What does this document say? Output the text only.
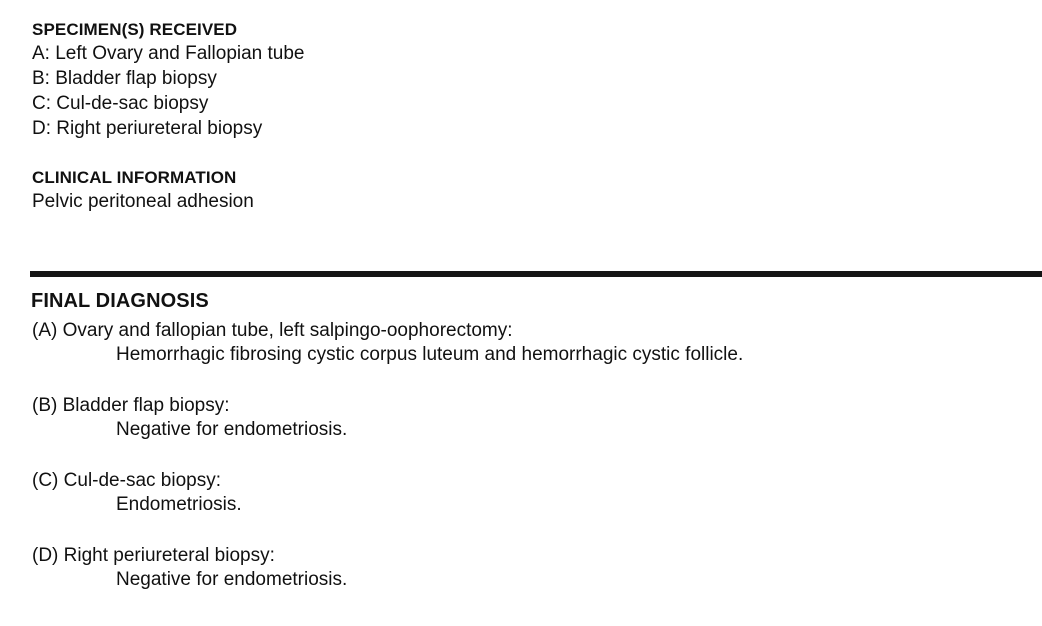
SPECIMEN(S) RECEIVED
A: Left Ovary and Fallopian tube
B: Bladder flap biopsy
C: Cul-de-sac biopsy
D: Right periureteral biopsy
CLINICAL INFORMATION
Pelvic peritoneal adhesion
FINAL DIAGNOSIS
(A) Ovary and fallopian tube, left salpingo-oophorectomy:
Hemorrhagic fibrosing cystic corpus luteum and hemorrhagic cystic follicle.
(B) Bladder flap biopsy:
Negative for endometriosis.
(C) Cul-de-sac biopsy:
Endometriosis.
(D) Right periureteral biopsy:
Negative for endometriosis.
